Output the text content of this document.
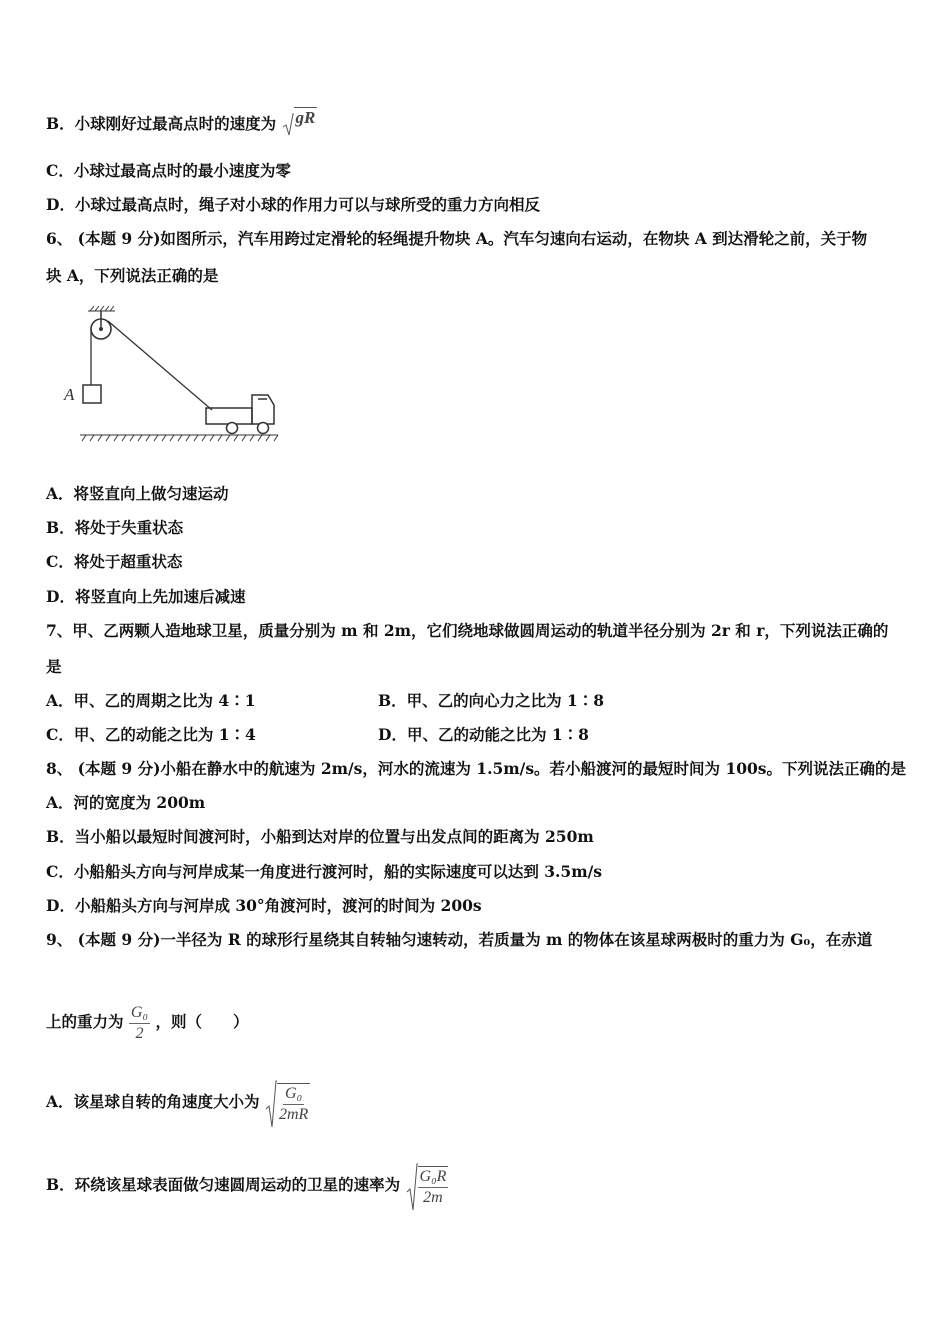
B．小球刚好过最高点时的速度为 gR
C．小球过最高点时的最小速度为零
D．小球过最高点时，绳子对小球的作用力可以与球所受的重力方向相反
6、 (本题 9 分)如图所示，汽车用跨过定滑轮的轻绳提升物块 A。汽车匀速向右运动，在物块 A 到达滑轮之前，关于物
块 A，下列说法正确的是
A
A．将竖直向上做匀速运动
B．将处于失重状态
C．将处于超重状态
D．将竖直向上先加速后减速
7、甲、乙两颗人造地球卫星，质量分别为 m 和 2m，它们绕地球做圆周运动的轨道半径分别为 2r 和 r，下列说法正确的
是
A．甲、乙的周期之比为 4∶1	B．甲、乙的向心力之比为 1∶8
C．甲、乙的动能之比为 1∶4	D．甲、乙的动能之比为 1∶8
8、 (本题 9 分)小船在静水中的航速为 2m/s，河水的流速为 1.5m/s。若小船渡河的最短时间为 100s。下列说法正确的是
A．河的宽度为 200m
B．当小船以最短时间渡河时，小船到达对岸的位置与出发点间的距离为 250m
C．小船船头方向与河岸成某一角度进行渡河时，船的实际速度可以达到 3.5m/s
D．小船船头方向与河岸成 30°角渡河时，渡河的时间为 200s
9、 (本题 9 分)一半径为 R 的球形行星绕其自转轴匀速转动，若质量为 m 的物体在该星球两极时的重力为 G₀，在赤道
上的重力为 $\frac{\text{G₀}}{2}$ ，则（　　）
A．该星球自转的角速度大小为 $\frac{\text{G₀}}{2mR}$
B．环绕该星球表面做匀速圆周运动的卫星的速率为 $\frac{\text{G₀R}}{2m}$
